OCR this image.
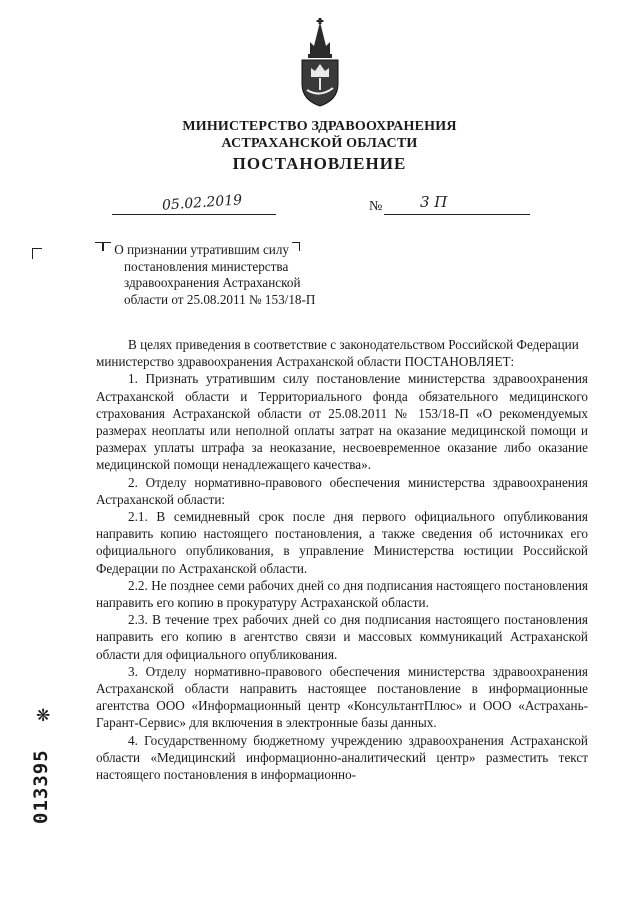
МИНИСТЕРСТВО ЗДРАВООХРАНЕНИЯ
АСТРАХАНСКОЙ ОБЛАСТИ
ПОСТАНОВЛЕНИЕ
05.02.2019	№	3 П
О признании утратившим силу
постановления министерства
здравоохранения Астраханской
области от 25.08.2011 № 153/18-П

В целях приведения в соответствие с законодательством Российской Федерации

министерство здравоохранения Астраханской области ПОСТАНОВЛЯЕТ:

1. Признать утратившим силу постановление министерства здравоохранения Астраханской области и Территориального фонда обязательного медицинского страхования Астраханской области от 25.08.2011 № 153/18-П «О рекомендуемых размерах неоплаты или неполной оплаты затрат на оказание медицинской помощи и размерах уплаты штрафа за неоказание, несвоевременное оказание либо оказание медицинской помощи ненадлежащего качества».

2. Отделу нормативно-правового обеспечения министерства здравоохранения Астраханской области:

2.1. В семидневный срок после дня первого официального опубликования направить копию настоящего постановления, а также сведения об источниках его официального опубликования, в управление Министерства юстиции Российской Федерации по Астраханской области.

2.2. Не позднее семи рабочих дней со дня подписания настоящего постановления направить его копию в прокуратуру Астраханской области.

2.3. В течение трех рабочих дней со дня подписания настоящего постановления направить его копию в агентство связи и массовых коммуникаций Астраханской области для официального опубликования.

3. Отделу нормативно-правового обеспечения министерства здравоохранения Астраханской области направить настоящее постановление в информационные агентства ООО «Информационный центр «КонсультантПлюс» и ООО «Астрахань-Гарант-Сервис» для включения в электронные базы данных.

4. Государственному бюджетному учреждению здравоохранения Астраханской области «Медицинский информационно-аналитический центр» разместить текст настоящего постановления в информационно-

❋
013395
